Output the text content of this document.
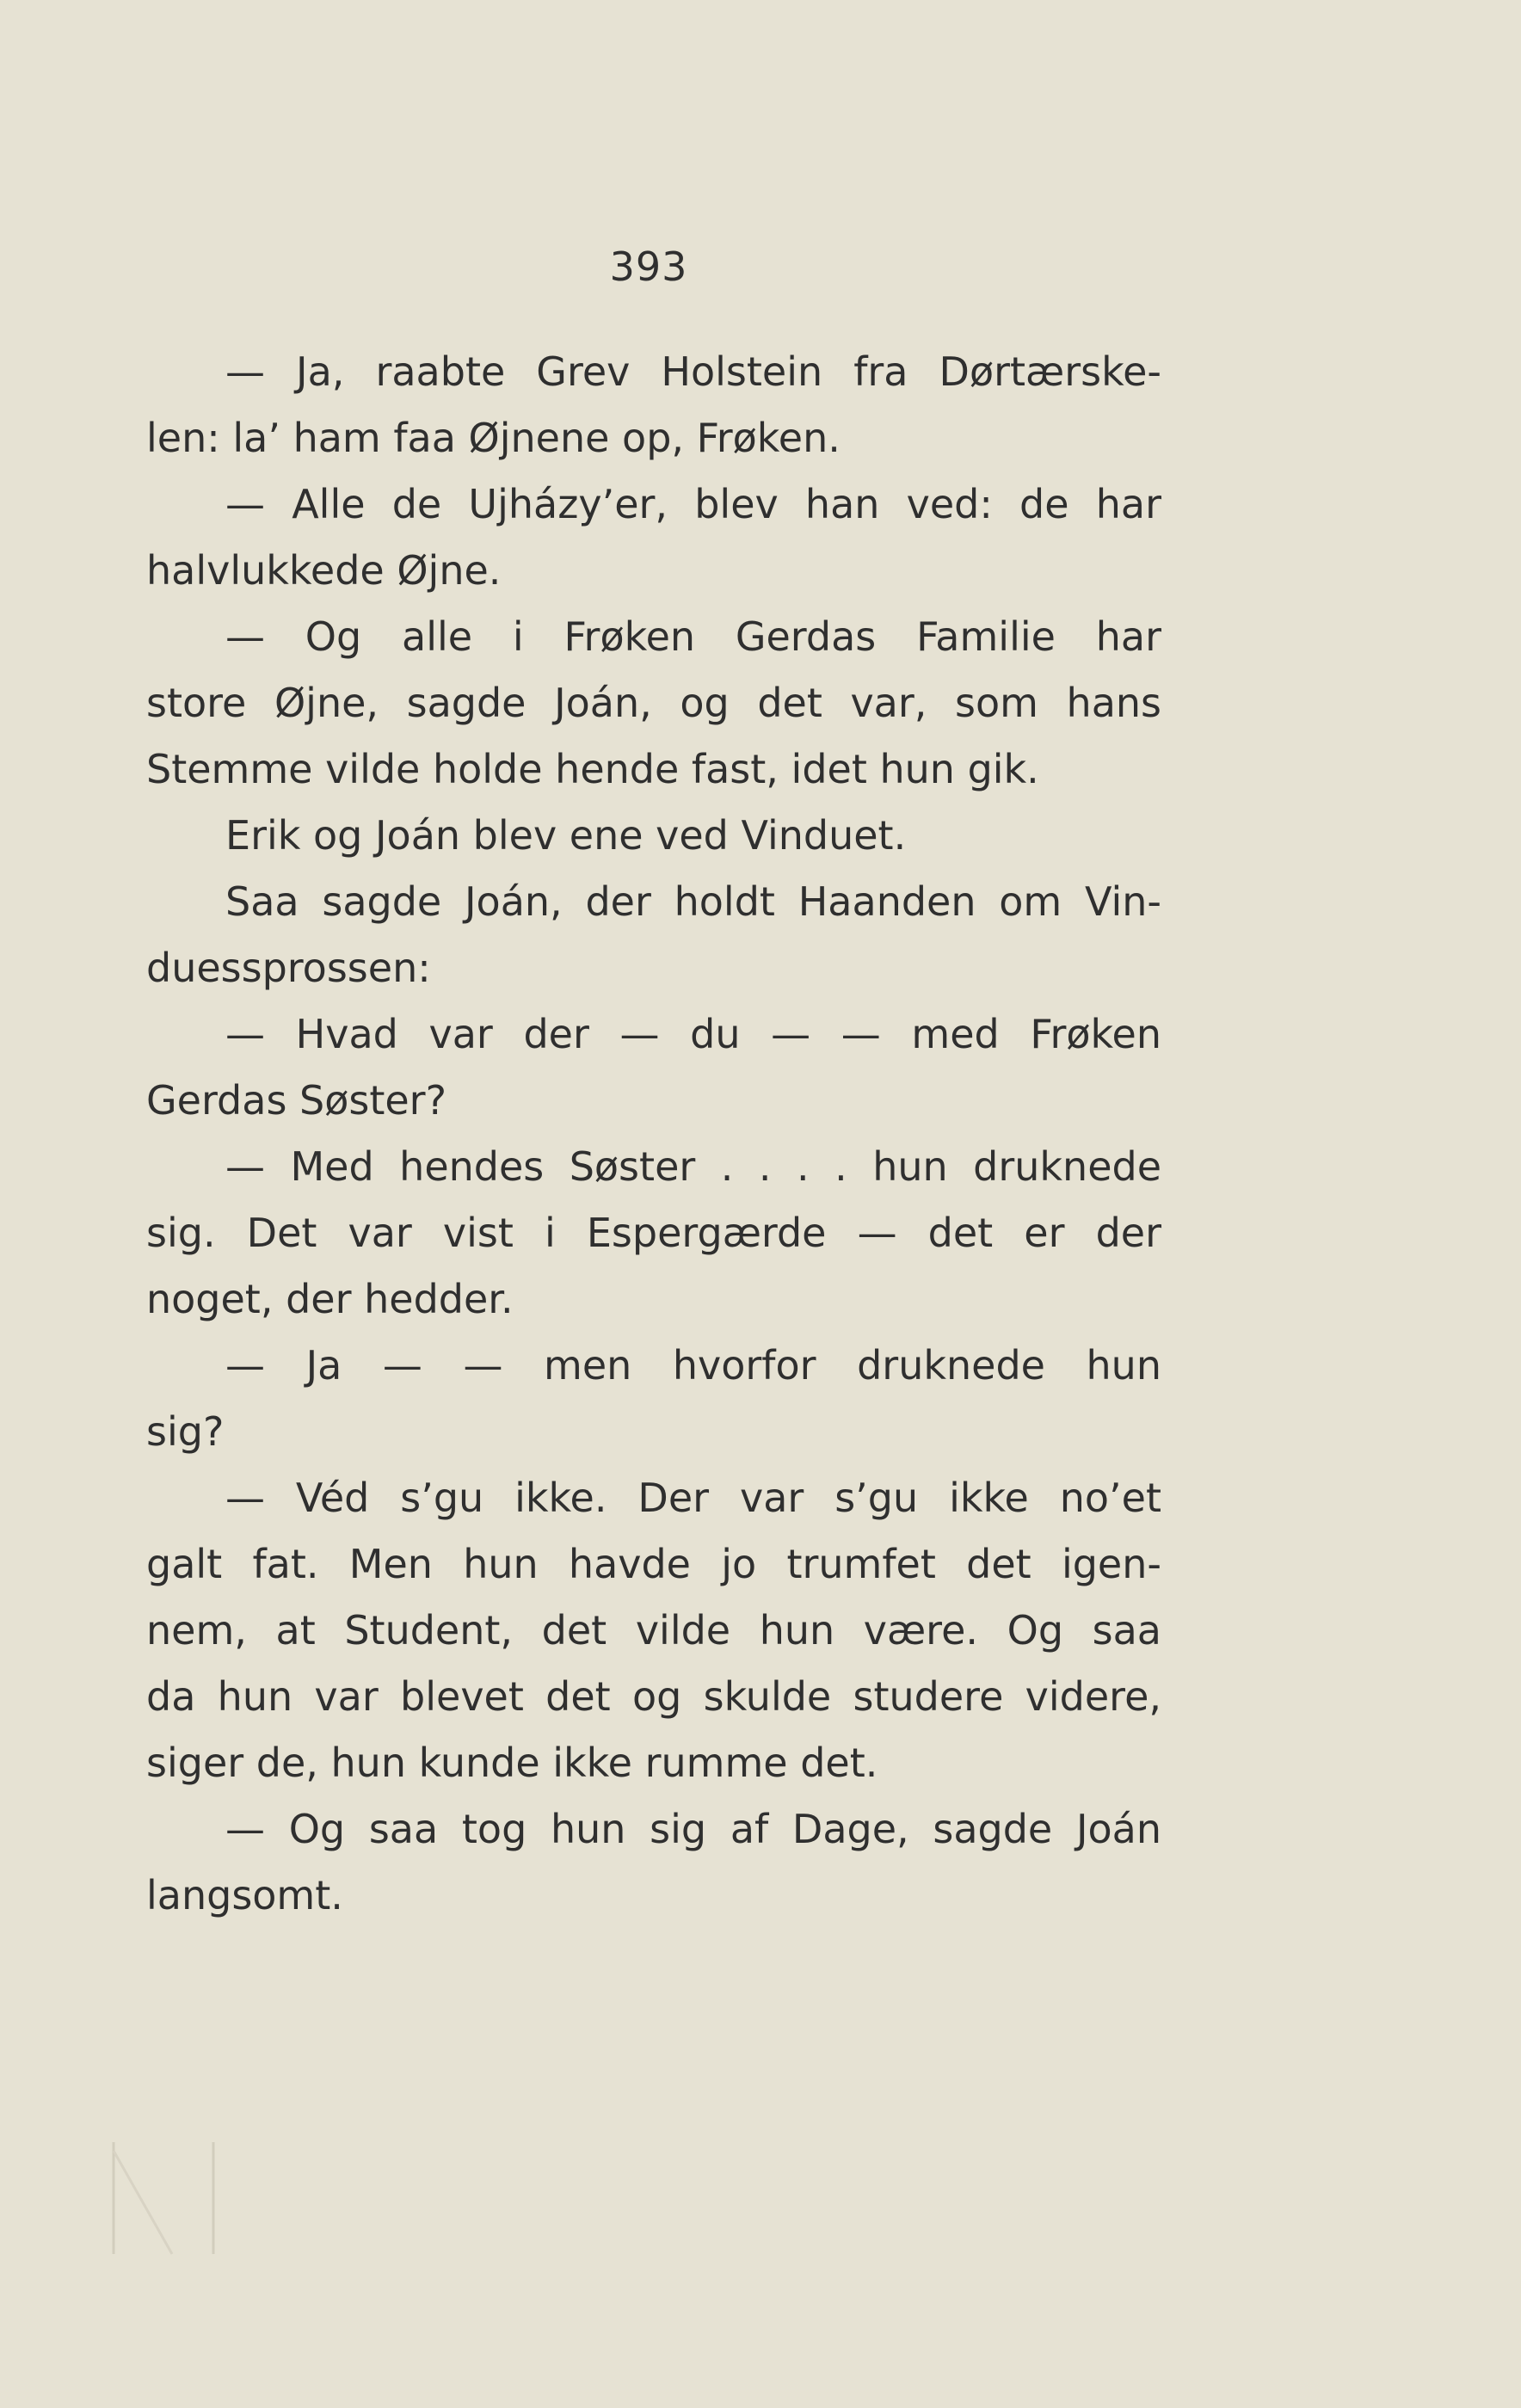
393
— Ja, raabte Grev Holstein fra Dørtærske-
len: la’ ham faa Øjnene op, Frøken.
— Alle de Ujházy’er, blev han ved: de har
halvlukkede Øjne.
— Og alle i Frøken Gerdas Familie har
store Øjne, sagde Joán, og det var, som hans
Stemme vilde holde hende fast, idet hun gik.
Erik og Joán blev ene ved Vinduet.
Saa sagde Joán, der holdt Haanden om Vin-
duessprossen:
— Hvad var der — du — — med Frøken
Gerdas Søster?
— Med hendes Søster . . . . hun druknede
sig. Det var vist i Espergærde — det er der
noget, der hedder.
— Ja — — men hvorfor druknede hun
sig?
— Véd s’gu ikke. Der var s’gu ikke no’et
galt fat. Men hun havde jo trumfet det igen-
nem, at Student, det vilde hun være. Og saa
da hun var blevet det og skulde studere videre,
siger de, hun kunde ikke rumme det.
— Og saa tog hun sig af Dage, sagde Joán
langsomt.
